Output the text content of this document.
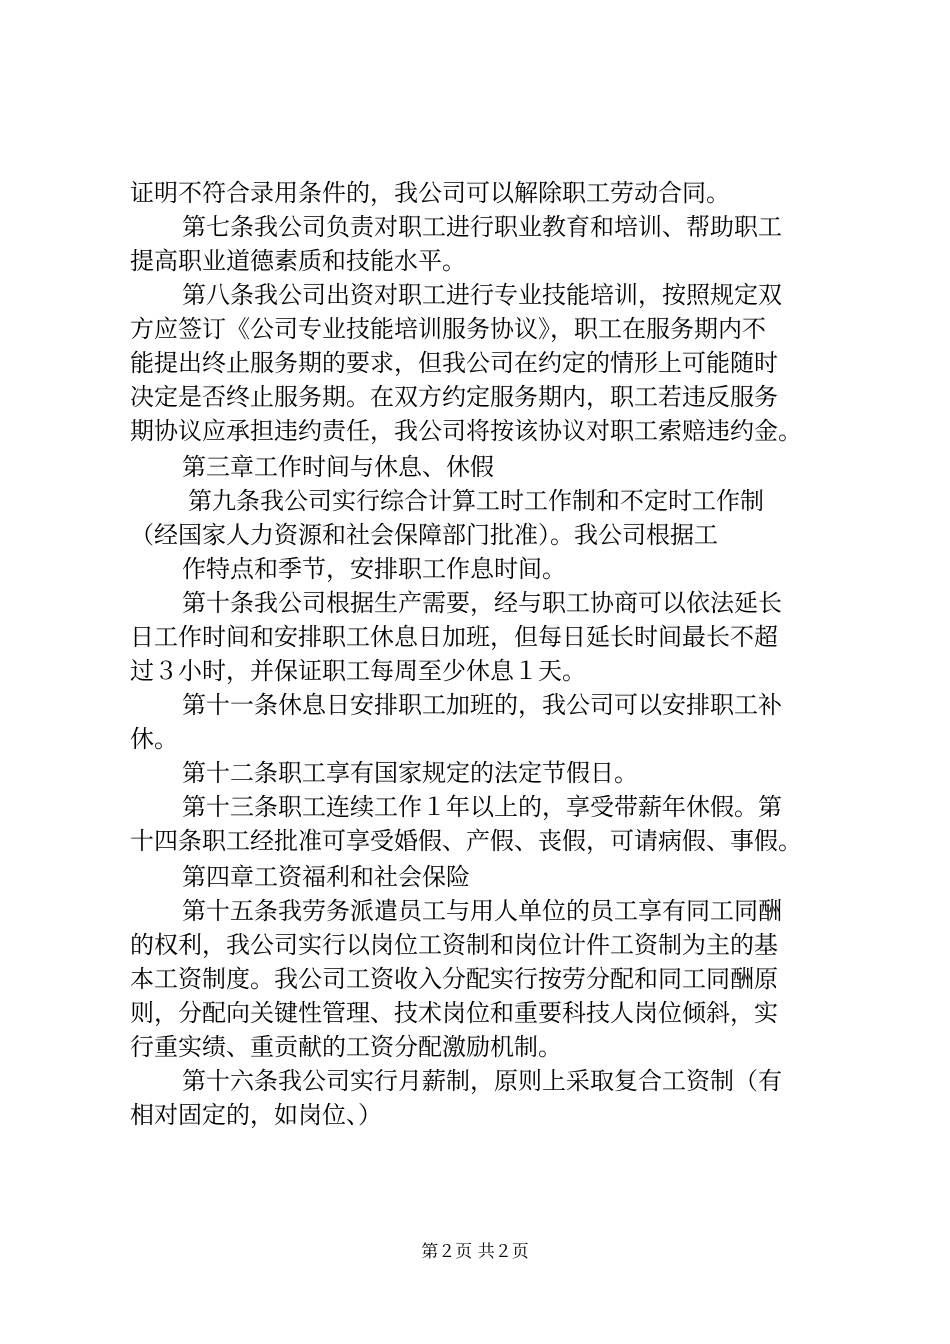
证明不符合录用条件的，我公司可以解除职工劳动合同。
第七条我公司负责对职工进行职业教育和培训、帮助职工
提高职业道德素质和技能水平。
第八条我公司出资对职工进行专业技能培训，按照规定双
方应签订《公司专业技能培训服务协议》，职工在服务期内不
能提出终止服务期的要求，但我公司在约定的情形上可能随时
决定是否终止服务期。在双方约定服务期内，职工若违反服务
期协议应承担违约责任，我公司将按该协议对职工索赔违约金。
第三章工作时间与休息、休假
第九条我公司实行综合计算工时工作制和不定时工作制
（经国家人力资源和社会保障部门批准）。我公司根据工
作特点和季节，安排职工作息时间。
第十条我公司根据生产需要，经与职工协商可以依法延长
日工作时间和安排职工休息日加班，但每日延长时间最长不超
过３小时，并保证职工每周至少休息１天。
第十一条休息日安排职工加班的，我公司可以安排职工补
休。
第十二条职工享有国家规定的法定节假日。
第十三条职工连续工作１年以上的，享受带薪年休假。第
十四条职工经批准可享受婚假、产假、丧假，可请病假、事假。
第四章工资福利和社会保险
第十五条我劳务派遣员工与用人单位的员工享有同工同酬
的权利，我公司实行以岗位工资制和岗位计件工资制为主的基
本工资制度。我公司工资收入分配实行按劳分配和同工同酬原
则，分配向关键性管理、技术岗位和重要科技人岗位倾斜，实
行重实绩、重贡献的工资分配激励机制。
第十六条我公司实行月薪制，原则上采取复合工资制（有
相对固定的，如岗位、）
第２页 共２页
